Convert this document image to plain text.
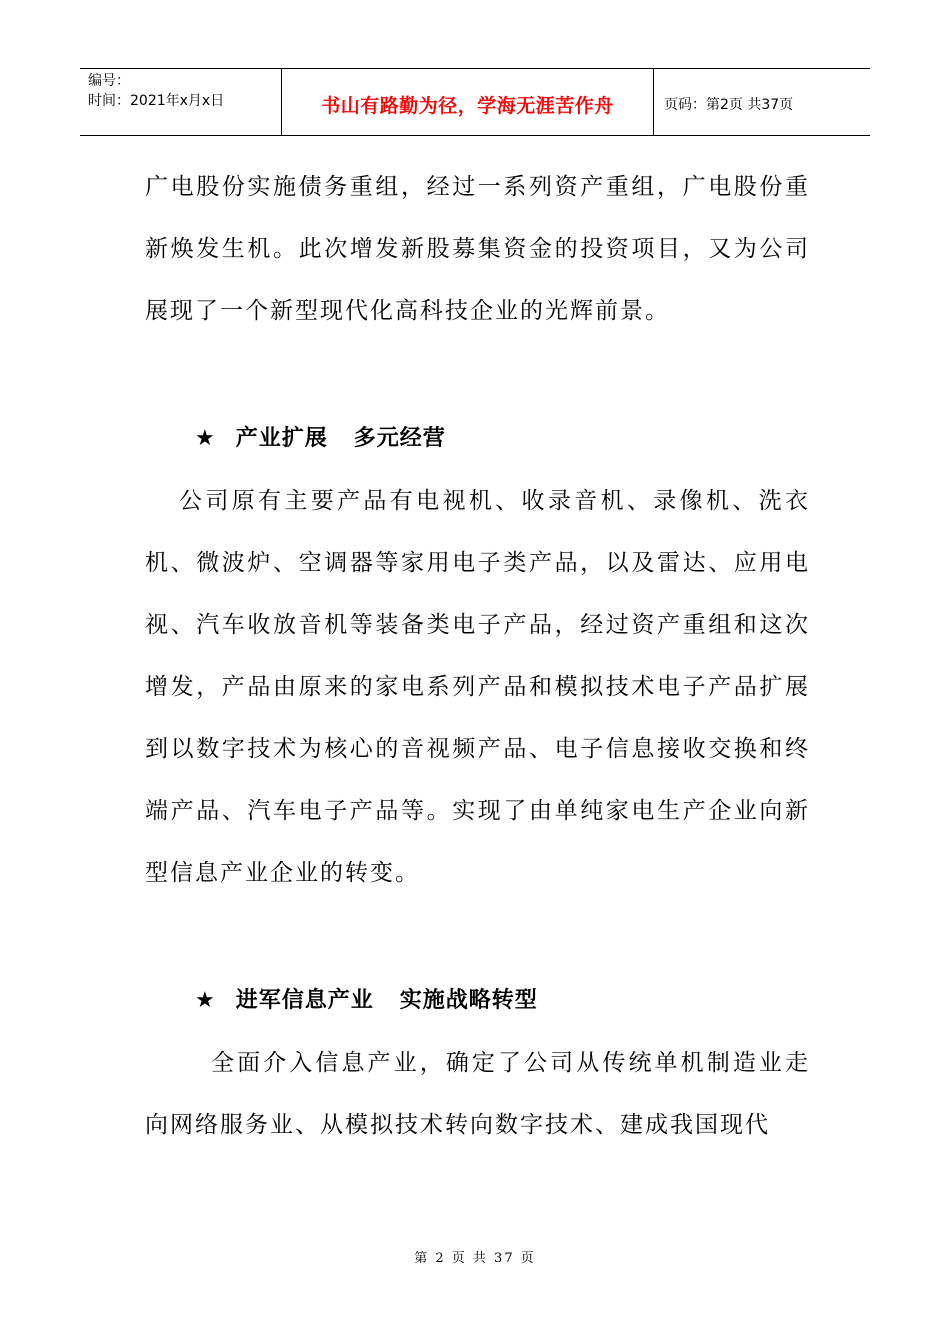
编号：
时间：2021年x月x日	书山有路勤为径，学海无涯苦作舟	页码：第2页 共37页

广电股份实施债务重组，经过一系列资产重组，广电股份重新焕发生机。此次增发新股募集资金的投资项目，又为公司展现了一个新型现代化高科技企业的光辉前景。

★ 产业扩展   多元经营

公司原有主要产品有电视机、收录音机、录像机、洗衣机、微波炉、空调器等家用电子类产品，以及雷达、应用电视、汽车收放音机等装备类电子产品，经过资产重组和这次增发，产品由原来的家电系列产品和模拟技术电子产品扩展到以数字技术为核心的音视频产品、电子信息接收交换和终端产品、汽车电子产品等。实现了由单纯家电生产企业向新型信息产业企业的转变。

★ 进军信息产业   实施战略转型

全面介入信息产业，确定了公司从传统单机制造业走向网络服务业、从模拟技术转向数字技术、建成我国现代

第 2 页 共 37 页
